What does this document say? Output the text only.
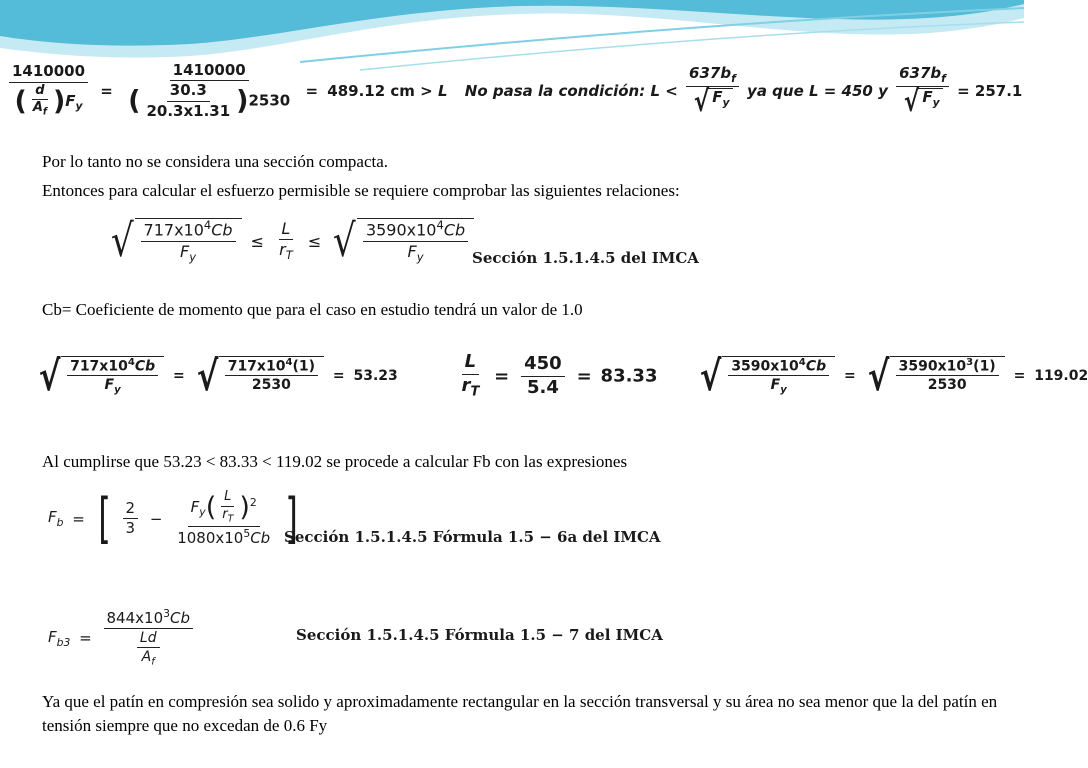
$\frac{1410000}{( \frac{d}{A_f} )F_y} = \frac{1410000}{( \frac{30.3}{20.3x1.31} )2530} = 489.12$ cm > L No pasa la condición: $L < \frac{637b_f}{√ F_y}$ ya que L = 450 y $\frac{637b_f}{√ F_y} = 257.1$
Por lo tanto no se considera una sección compacta.
Entonces para calcular el esfuerzo permisible se requiere comprobar las siguientes relaciones:
√ $\frac{717x10^4Cb}{F_y} \le \frac{L}{r_T}$ ≤ √ $\frac{3590x10^4Cb}{F_y}$ Sección 1.5.1.4.5 del IMCA
Cb= Coeficiente de momento que para el caso en estudio tendrá un valor de 1.0
√ $\frac{717x10^4Cb}{F_y}$ = √ $\frac{717x10^4(1)}{2530} = 53.23$	$\frac{L}{r_T} = \frac{450}{5.4} = 83.33$ √ $\frac{3590x10^4Cb}{F_y}$ = √ $\frac{3590x10^3(1)}{2530} = 119.02$
Al cumplirse que 53.23 < 83.33 < 119.02 se procede a calcular Fb con las expresiones
$F_b$ = [ $\frac{2}{3} - \frac{F_y( \frac{L}{r_T} )^2}{1080x10^5Cb}$ ]
Sección 1.5.1.4.5 Fórmula 1.5 − 6a del IMCA
$F_{b3} = \frac{844x10^3Cb}{\frac{Ld}{A_f}}$	Sección 1.5.1.4.5 Fórmula 1.5 − 7 del IMCA
Ya que el patín en compresión sea solido y aproximadamente rectangular en la sección transversal y su área no sea menor que la del patín en tensión siempre que no excedan de 0.6 Fy
